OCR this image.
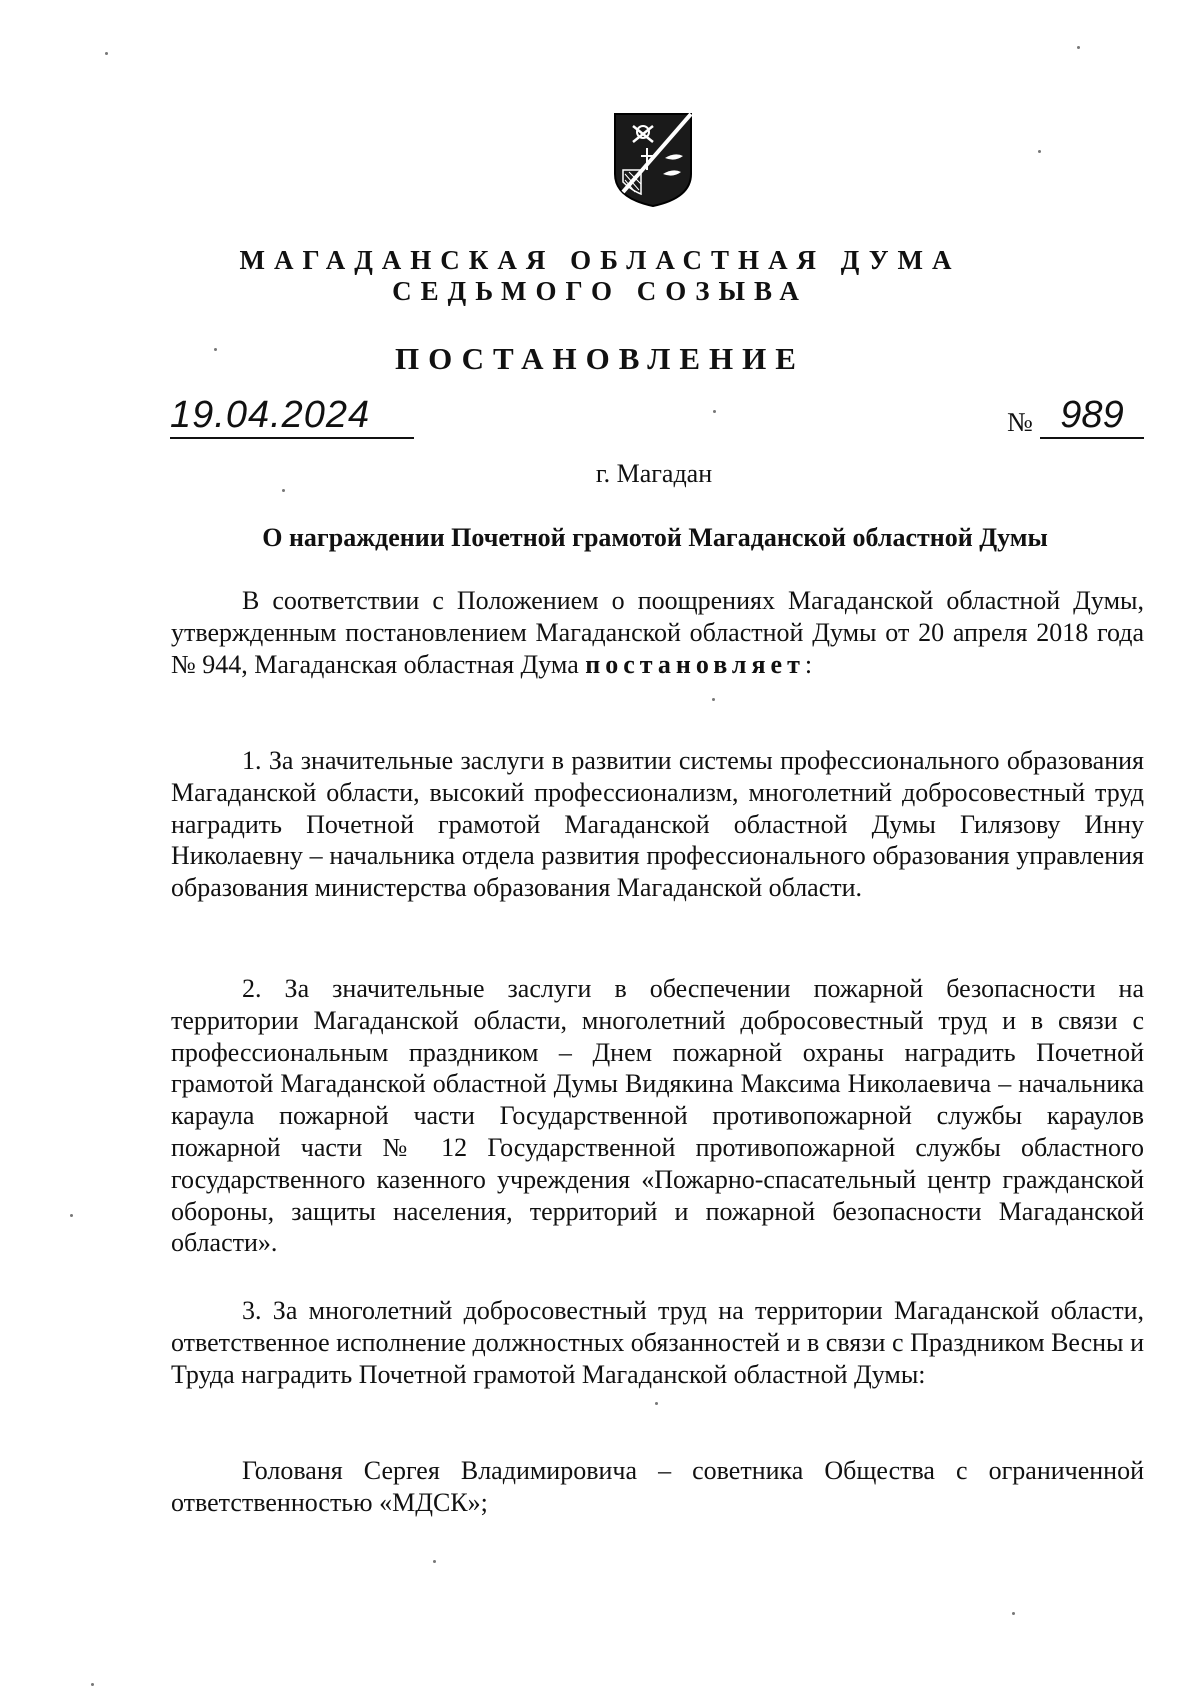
МАГАДАНСКАЯ ОБЛАСТНАЯ ДУМА
СЕДЬМОГО СОЗЫВА
ПОСТАНОВЛЕНИЕ
19.04.2024	№ 989
г. Магадан
О награждении Почетной грамотой Магаданской областной Думы

В соответствии с Положением о поощрениях Магаданской областной Думы, утвержденным постановлением Магаданской областной Думы от 20 апреля 2018 года № 944, Магаданская областная Дума постановляет:

1. За значительные заслуги в развитии системы профессионального образования Магаданской области, высокий профессионализм, многолетний добросовестный труд наградить Почетной грамотой Магаданской областной Думы Гилязову Инну Николаевну – начальника отдела развития профессионального образования управления образования министерства образования Магаданской области.

2. За значительные заслуги в обеспечении пожарной безопасности на территории Магаданской области, многолетний добросовестный труд и в связи с профессиональным праздником – Днем пожарной охраны наградить Почетной грамотой Магаданской областной Думы Видякина Максима Николаевича – начальника караула пожарной части Государственной противопожарной службы караулов пожарной части № 12 Государственной противопожарной службы областного государственного казенного учреждения «Пожарно-спасательный центр гражданской обороны, защиты населения, территорий и пожарной безопасности Магаданской области».

3. За многолетний добросовестный труд на территории Магаданской области, ответственное исполнение должностных обязанностей и в связи с Праздником Весны и Труда наградить Почетной грамотой Магаданской областной Думы:

Голованя Сергея Владимировича – советника Общества с ограниченной ответственностью «МДСК»;
